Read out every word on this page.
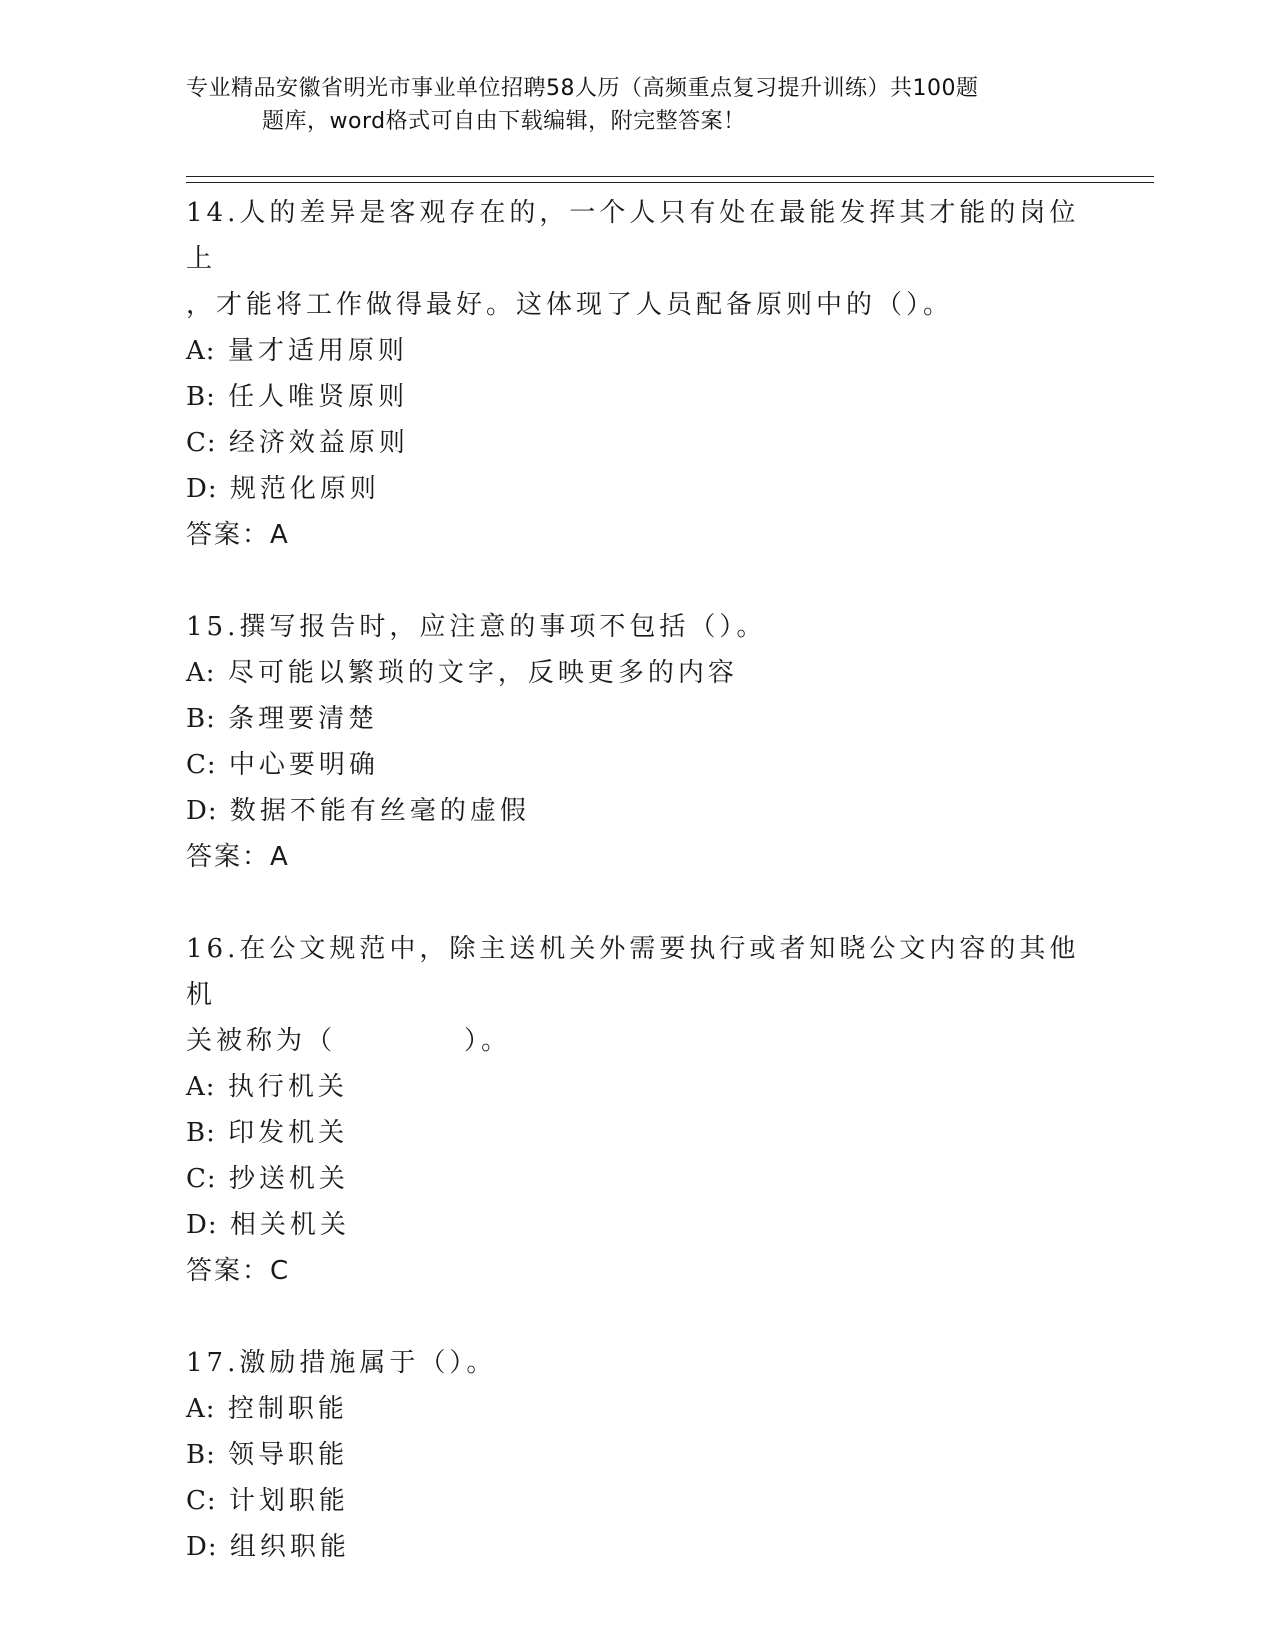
专业精品安徽省明光市事业单位招聘58人历（高频重点复习提升训练）共100题
题库，word格式可自由下载编辑，附完整答案！
14.人的差异是客观存在的，一个人只有处在最能发挥其才能的岗位上
，才能将工作做得最好。这体现了人员配备原则中的（）。
A: 量才适用原则
B: 任人唯贤原则
C: 经济效益原则
D: 规范化原则
答案：A
15.撰写报告时，应注意的事项不包括（）。
A: 尽可能以繁琐的文字，反映更多的内容
B: 条理要清楚
C: 中心要明确
D: 数据不能有丝毫的虚假
答案：A
16.在公文规范中，除主送机关外需要执行或者知晓公文内容的其他机
关被称为（	）。
A: 执行机关
B: 印发机关
C: 抄送机关
D: 相关机关
答案：C
17.激励措施属于（）。
A: 控制职能
B: 领导职能
C: 计划职能
D: 组织职能
